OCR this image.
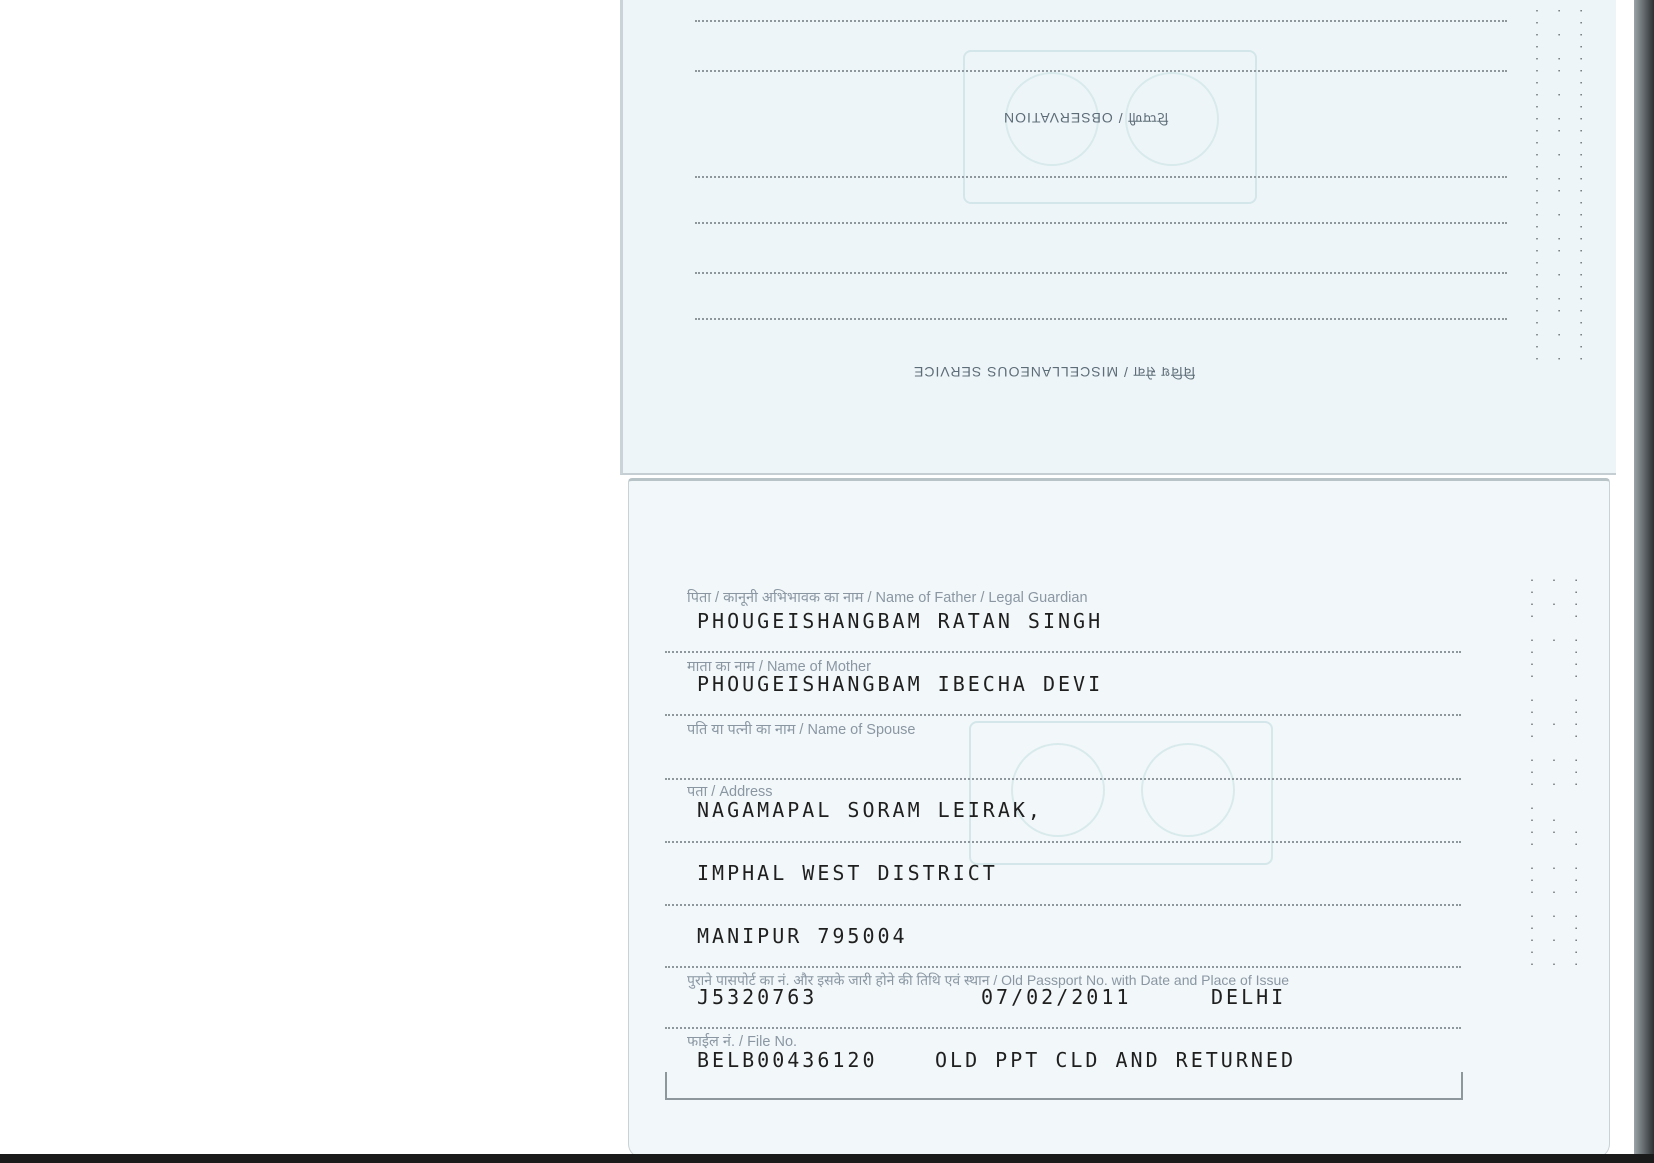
टिप्पणी / OBSERVATION
विविध सेवा / MISCELLANEOUS SERVICE
. . .
.   .
. . .
.   .
. . .
. . .
.   .
. . .
.   .
. . .
. . .
.   .
. . .
.   .
. . .
. . .
.   .
. . .
.   .
. . .
. . .
.   .
. . .
.   .
. . .
. . .
.   .
. . .
.   .
. . .
पिता / कानूनी अभिभावक का नाम / Name of Father / Legal Guardian
PHOUGEISHANGBAM RATAN SINGH
माता का नाम / Name of Mother
PHOUGEISHANGBAM IBECHA DEVI
पति या पत्नी का नाम / Name of Spouse
पता / Address
NAGAMAPAL SORAM LEIRAK,
IMPHAL WEST DISTRICT
MANIPUR 795004
पुराने पासपोर्ट का नं. और इसके जारी होने की तिथि एवं स्थान / Old Passport No. with Date and Place of Issue
J5320763	07/02/2011	DELHI
फाईल नं. / File No.
BELB00436120	OLD PPT CLD AND RETURNED
. . .
.   .
. . .
.   .

. . .
.   .
.   .
.   .

.   .
.   .
. . .
.   .

. . .
.   .
. . .

.
. .
. . .
.   .

. . .
.   .
. . .

. . .
.   .
. . .
.   .
. . .
